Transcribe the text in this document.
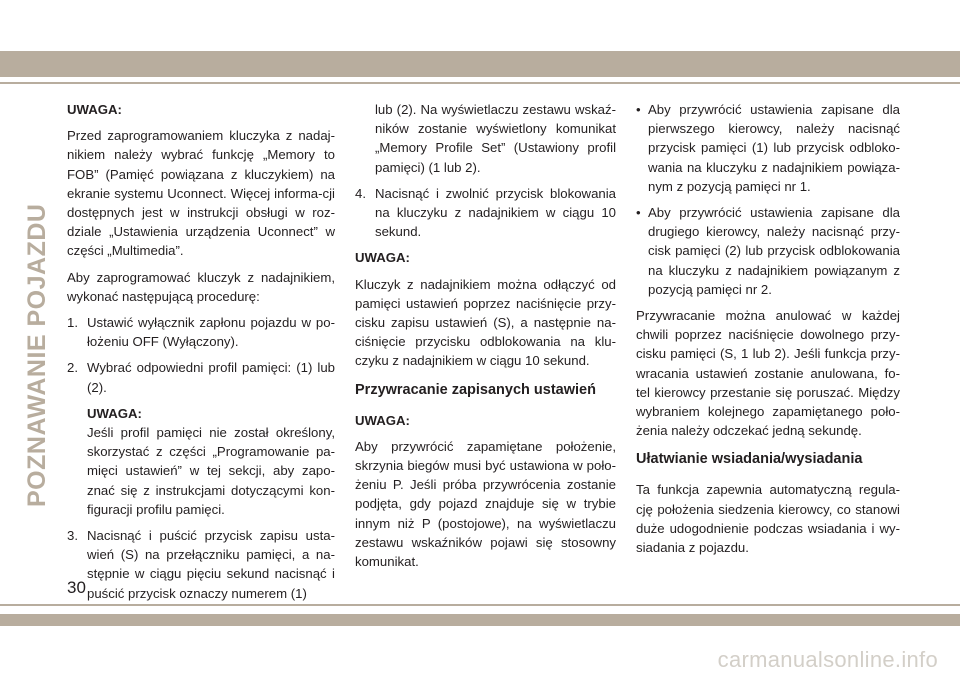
POZNAWANIE POJAZDU

UWAGA:

Przed zaprogramowaniem kluczyka z nadaj-nikiem należy wybrać funkcję „Memory to FOB” (Pamięć powiązana z kluczykiem) na ekranie systemu Uconnect. Więcej informa-cji dostępnych jest w instrukcji obsługi w roz-dziale „Ustawienia urządzenia Uconnect” w części „Multimedia”.

Aby zaprogramować kluczyk z nadajnikiem, wykonać następującą procedurę:

1. Ustawić wyłącznik zapłonu pojazdu w po-łożeniu OFF (Wyłączony).
2. Wybrać odpowiedni profil pamięci: (1) lub (2).

UWAGA:

Jeśli profil pamięci nie został określony, skorzystać z części „Programowanie pa-mięci ustawień” w tej sekcji, aby zapo-znać się z instrukcjami dotyczącymi kon-figuracji profilu pamięci.

3. Nacisnąć i puścić przycisk zapisu usta-wień (S) na przełączniku pamięci, a na-stępnie w ciągu pięciu sekund nacisnąć i puścić przycisk oznaczy numerem (1)
lub (2). Na wyświetlaczu zestawu wskaź-ników zostanie wyświetlony komunikat „Memory Profile Set” (Ustawiony profil pamięci) (1 lub 2).
4. Nacisnąć i zwolnić przycisk blokowania na kluczyku z nadajnikiem w ciągu 10 sekund.

UWAGA:

Kluczyk z nadajnikiem można odłączyć od pamięci ustawień poprzez naciśnięcie przy-cisku zapisu ustawień (S), a następnie na-ciśnięcie przycisku odblokowania na klu-czyku z nadajnikiem w ciągu 10 sekund.

Przywracanie zapisanych ustawień

UWAGA:

Aby przywrócić zapamiętane położenie, skrzynia biegów musi być ustawiona w poło-żeniu P. Jeśli próba przywrócenia zostanie podjęta, gdy pojazd znajduje się w trybie innym niż P (postojowe), na wyświetlaczu zestawu wskaźników pojawi się stosowny komunikat.

• Aby przywrócić ustawienia zapisane dla pierwszego kierowcy, należy nacisnąć przycisk pamięci (1) lub przycisk odbloko-wania na kluczyku z nadajnikiem powiąza-nym z pozycją pamięci nr 1.
• Aby przywrócić ustawienia zapisane dla drugiego kierowcy, należy nacisnąć przy-cisk pamięci (2) lub przycisk odblokowania na kluczyku z nadajnikiem powiązanym z pozycją pamięci nr 2.

Przywracanie można anulować w każdej chwili poprzez naciśnięcie dowolnego przy-cisku pamięci (S, 1 lub 2). Jeśli funkcja przy-wracania ustawień zostanie anulowana, fo-tel kierowcy przestanie się poruszać. Między wybraniem kolejnego zapamiętanego poło-żenia należy odczekać jedną sekundę.

Ułatwianie wsiadania/wysiadania

Ta funkcja zapewnia automatyczną regula-cję położenia siedzenia kierowcy, co stanowi duże udogodnienie podczas wsiadania i wy-siadania z pojazdu.

30
carmanualsonline.info
